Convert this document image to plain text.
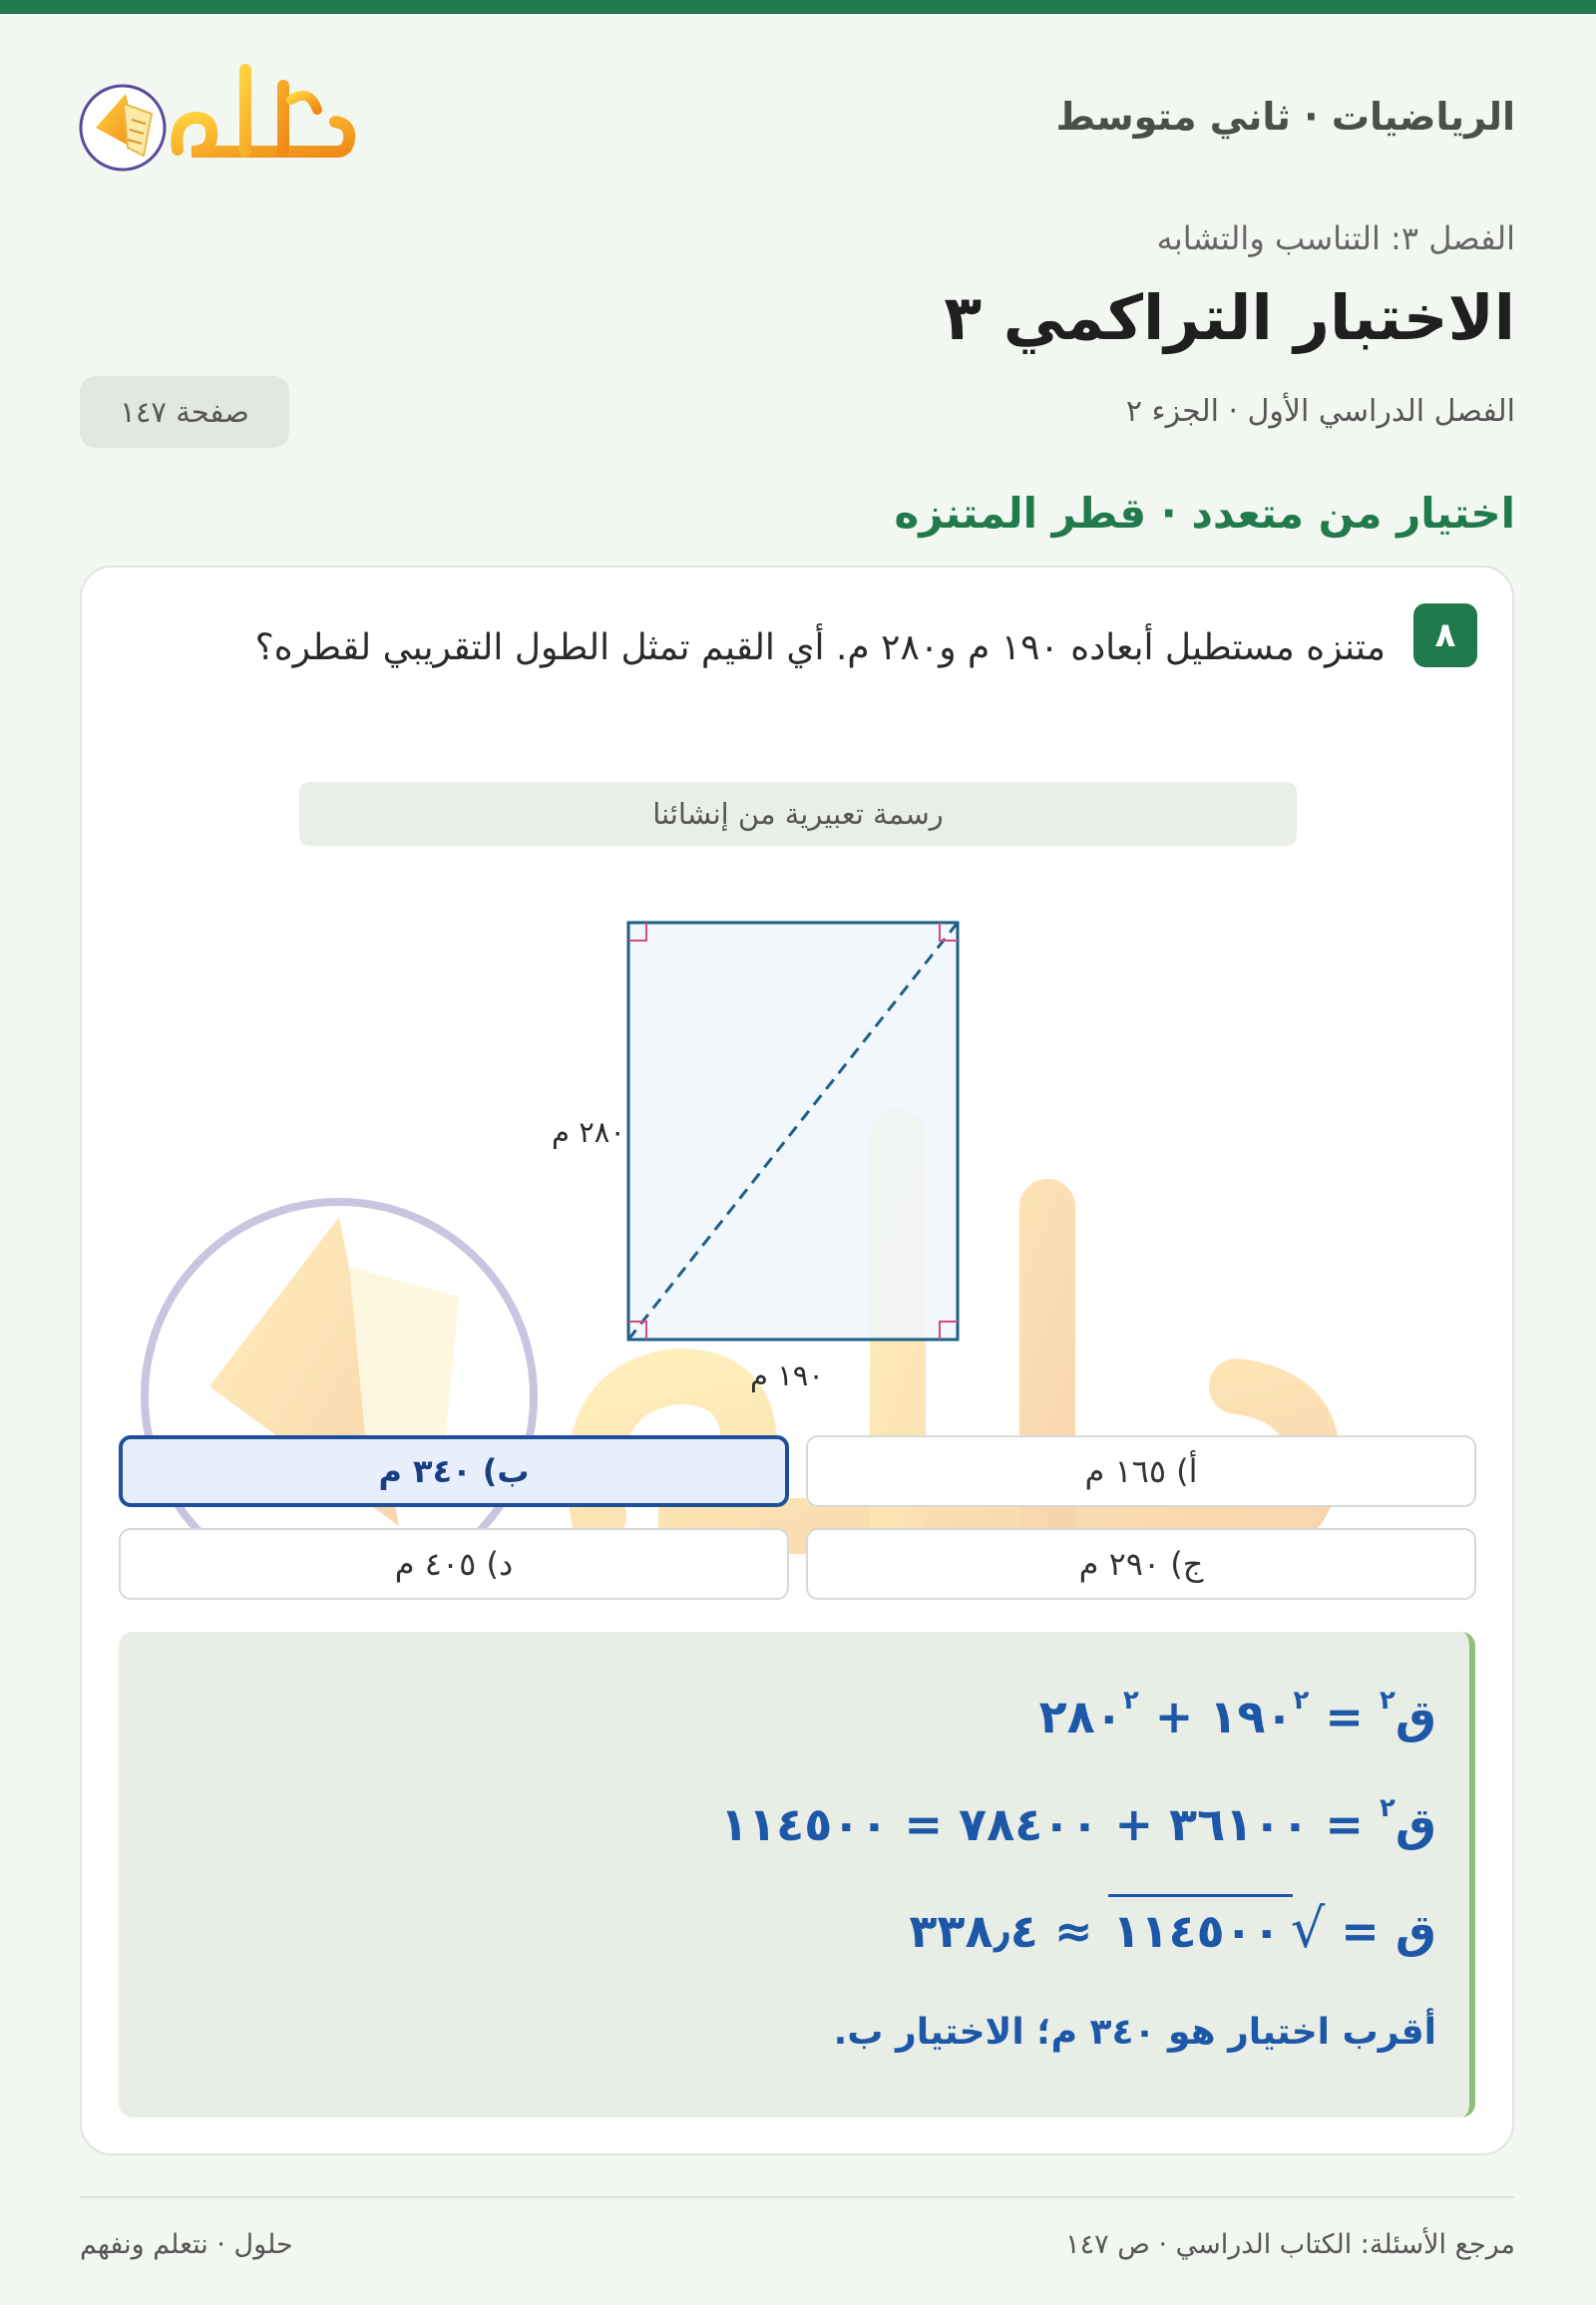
الرياضيات · ثاني متوسط
الفصل ٣: التناسب والتشابه
الاختبار التراكمي ٣
الفصل الدراسي الأول · الجزء ٢
صفحة ١٤٧
اختيار من متعدد · قطر المتنزه
٨
متنزه مستطيل أبعاده ١٩٠ م و٢٨٠ م. أي القيم تمثل الطول التقريبي لقطره؟
رسمة تعبيرية من إنشائنا
٢٨٠ م
١٩٠ م
أ) ١٦٥ م
ب) ٣٤٠ م
ج) ٢٩٠ م
د) ٤٠٥ م
ق$^٢$ = $١٩٠^٢$ + $٢٨٠^٢$
ق$^٢$ = ٣٦١٠٠ + ٧٨٤٠٠ = ١١٤٥٠٠
ق = √١١٤٥٠٠ ≈ ٣٣٨٫٤
أقرب اختيار هو ٣٤٠ م؛ الاختيار ب.
مرجع الأسئلة: الكتاب الدراسي · ص ١٤٧
حلول · نتعلم ونفهم
